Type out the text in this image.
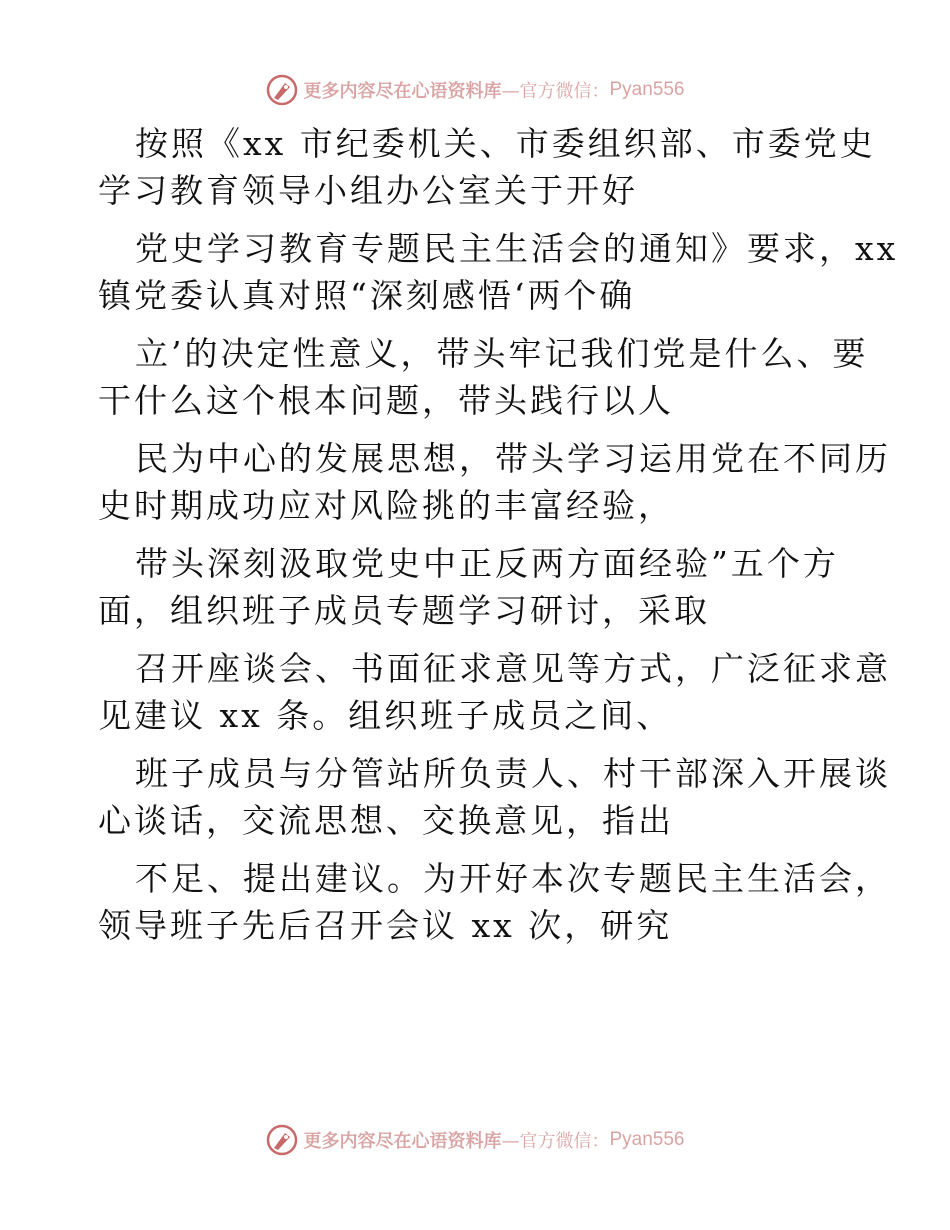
更多内容尽在心语资料库 —官方微信： Pyan556

按照《xx 市纪委机关、市委组织部、市委党史

学习教育领导小组办公室关于开好

党史学习教育专题民主生活会的通知》要求，xx

镇党委认真对照“深刻感悟‘两个确

立’的决定性意义，带头牢记我们党是什么、要

干什么这个根本问题，带头践行以人

民为中心的发展思想，带头学习运用党在不同历

史时期成功应对风险挑的丰富经验，

带头深刻汲取党史中正反两方面经验”五个方

面，组织班子成员专题学习研讨，采取

召开座谈会、书面征求意见等方式，广泛征求意

见建议 xx 条。组织班子成员之间、

班子成员与分管站所负责人、村干部深入开展谈

心谈话，交流思想、交换意见，指出

不足、提出建议。为开好本次专题民主生活会，

领导班子先后召开会议 xx 次，研究

更多内容尽在心语资料库 —官方微信： Pyan556
